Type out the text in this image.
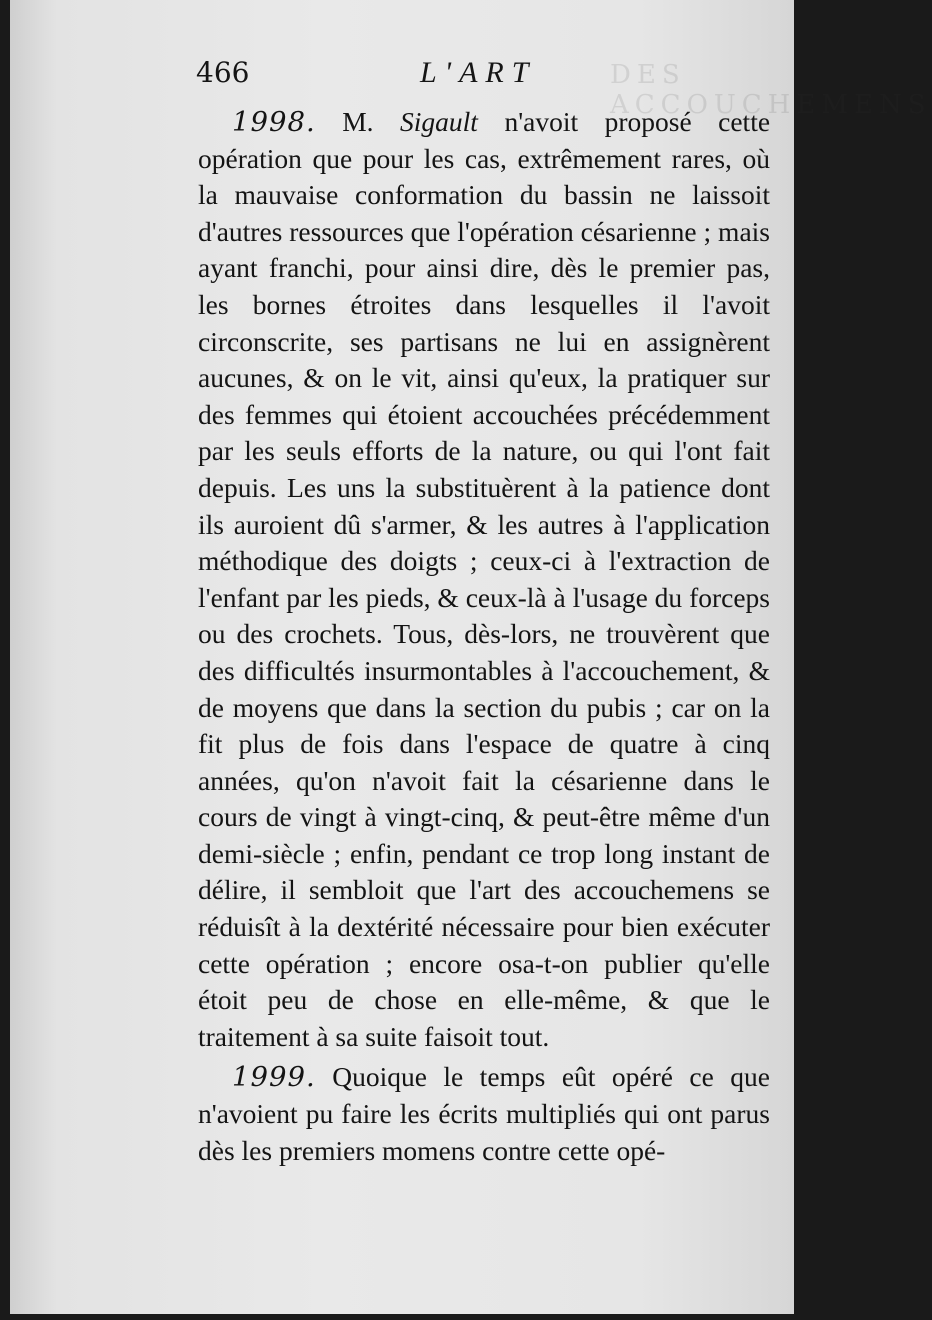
DES ACCOUCHEMENS
466	L'ART

1998. M. Sigault n'avoit proposé cette opération que pour les cas, extrêmement rares, où la mauvaise conformation du bassin ne laissoit d'autres ressources que l'opération césarienne ; mais ayant franchi, pour ainsi dire, dès le premier pas, les bornes étroites dans lesquelles il l'avoit circonscrite, ses partisans ne lui en assignèrent aucunes, & on le vit, ainsi qu'eux, la pratiquer sur des femmes qui étoient accouchées précédemment par les seuls efforts de la nature, ou qui l'ont fait depuis. Les uns la substituèrent à la patience dont ils auroient dû s'armer, & les autres à l'application méthodique des doigts ; ceux-ci à l'extraction de l'enfant par les pieds, & ceux-là à l'usage du forceps ou des crochets. Tous, dès-lors, ne trouvèrent que des difficultés insurmontables à l'accouchement, & de moyens que dans la section du pubis ; car on la fit plus de fois dans l'espace de quatre à cinq années, qu'on n'avoit fait la césarienne dans le cours de vingt à vingt-cinq, & peut-être même d'un demi-siècle ; enfin, pendant ce trop long instant de délire, il sembloit que l'art des accouchemens se réduisît à la dextérité nécessaire pour bien exécuter cette opération ; encore osa-t-on publier qu'elle étoit peu de chose en elle-même, & que le traitement à sa suite faisoit tout.

1999. Quoique le temps eût opéré ce que n'avoient pu faire les écrits multipliés qui ont parus dès les premiers momens contre cette opé-
